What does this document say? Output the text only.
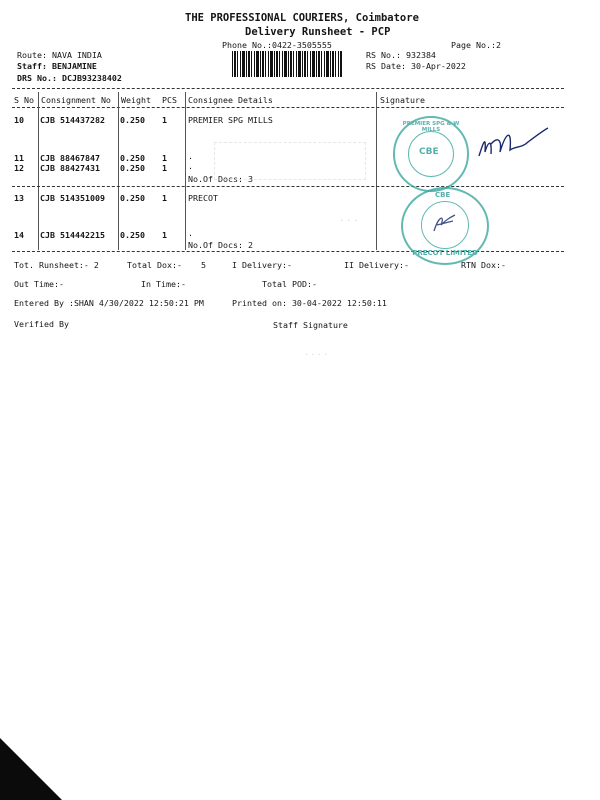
THE PROFESSIONAL COURIERS, Coimbatore
Delivery Runsheet - PCP
Phone No.:0422-3505555	Page No.:2
Route: NAVA INDIA
Staff: BENJAMINE
DRS No.: DCJB93238402
RS No.: 932384
RS Date: 30-Apr-2022
S No Consignment No Weight PCS Consignee Details	Signature
10 CJB 514437282 0.250 1	PREMIER SPG MILLS
11 CJB 88467847 0.250 1	.
12 CJB 88427431 0.250 1	.
No.Of Docs: 3
13 CJB 514351009 0.250 1	PRECOT
14 CJB 514442215 0.250 1	.
No.Of Docs: 2
· · ·
PREMIER SPG & W MILLS
CBE
PRECOT LIMITED
CBE
Tot. Runsheet:- 2	Total Dox:- 5	I Delivery:-	II Delivery:-	RTN Dox:-
Out Time:-	In Time:-	Total POD:-
Entered By :SHAN 4/30/2022 12:50:21 PM	Printed on: 30-04-2022 12:50:11
Verified By	Staff Signature
· · · ·
